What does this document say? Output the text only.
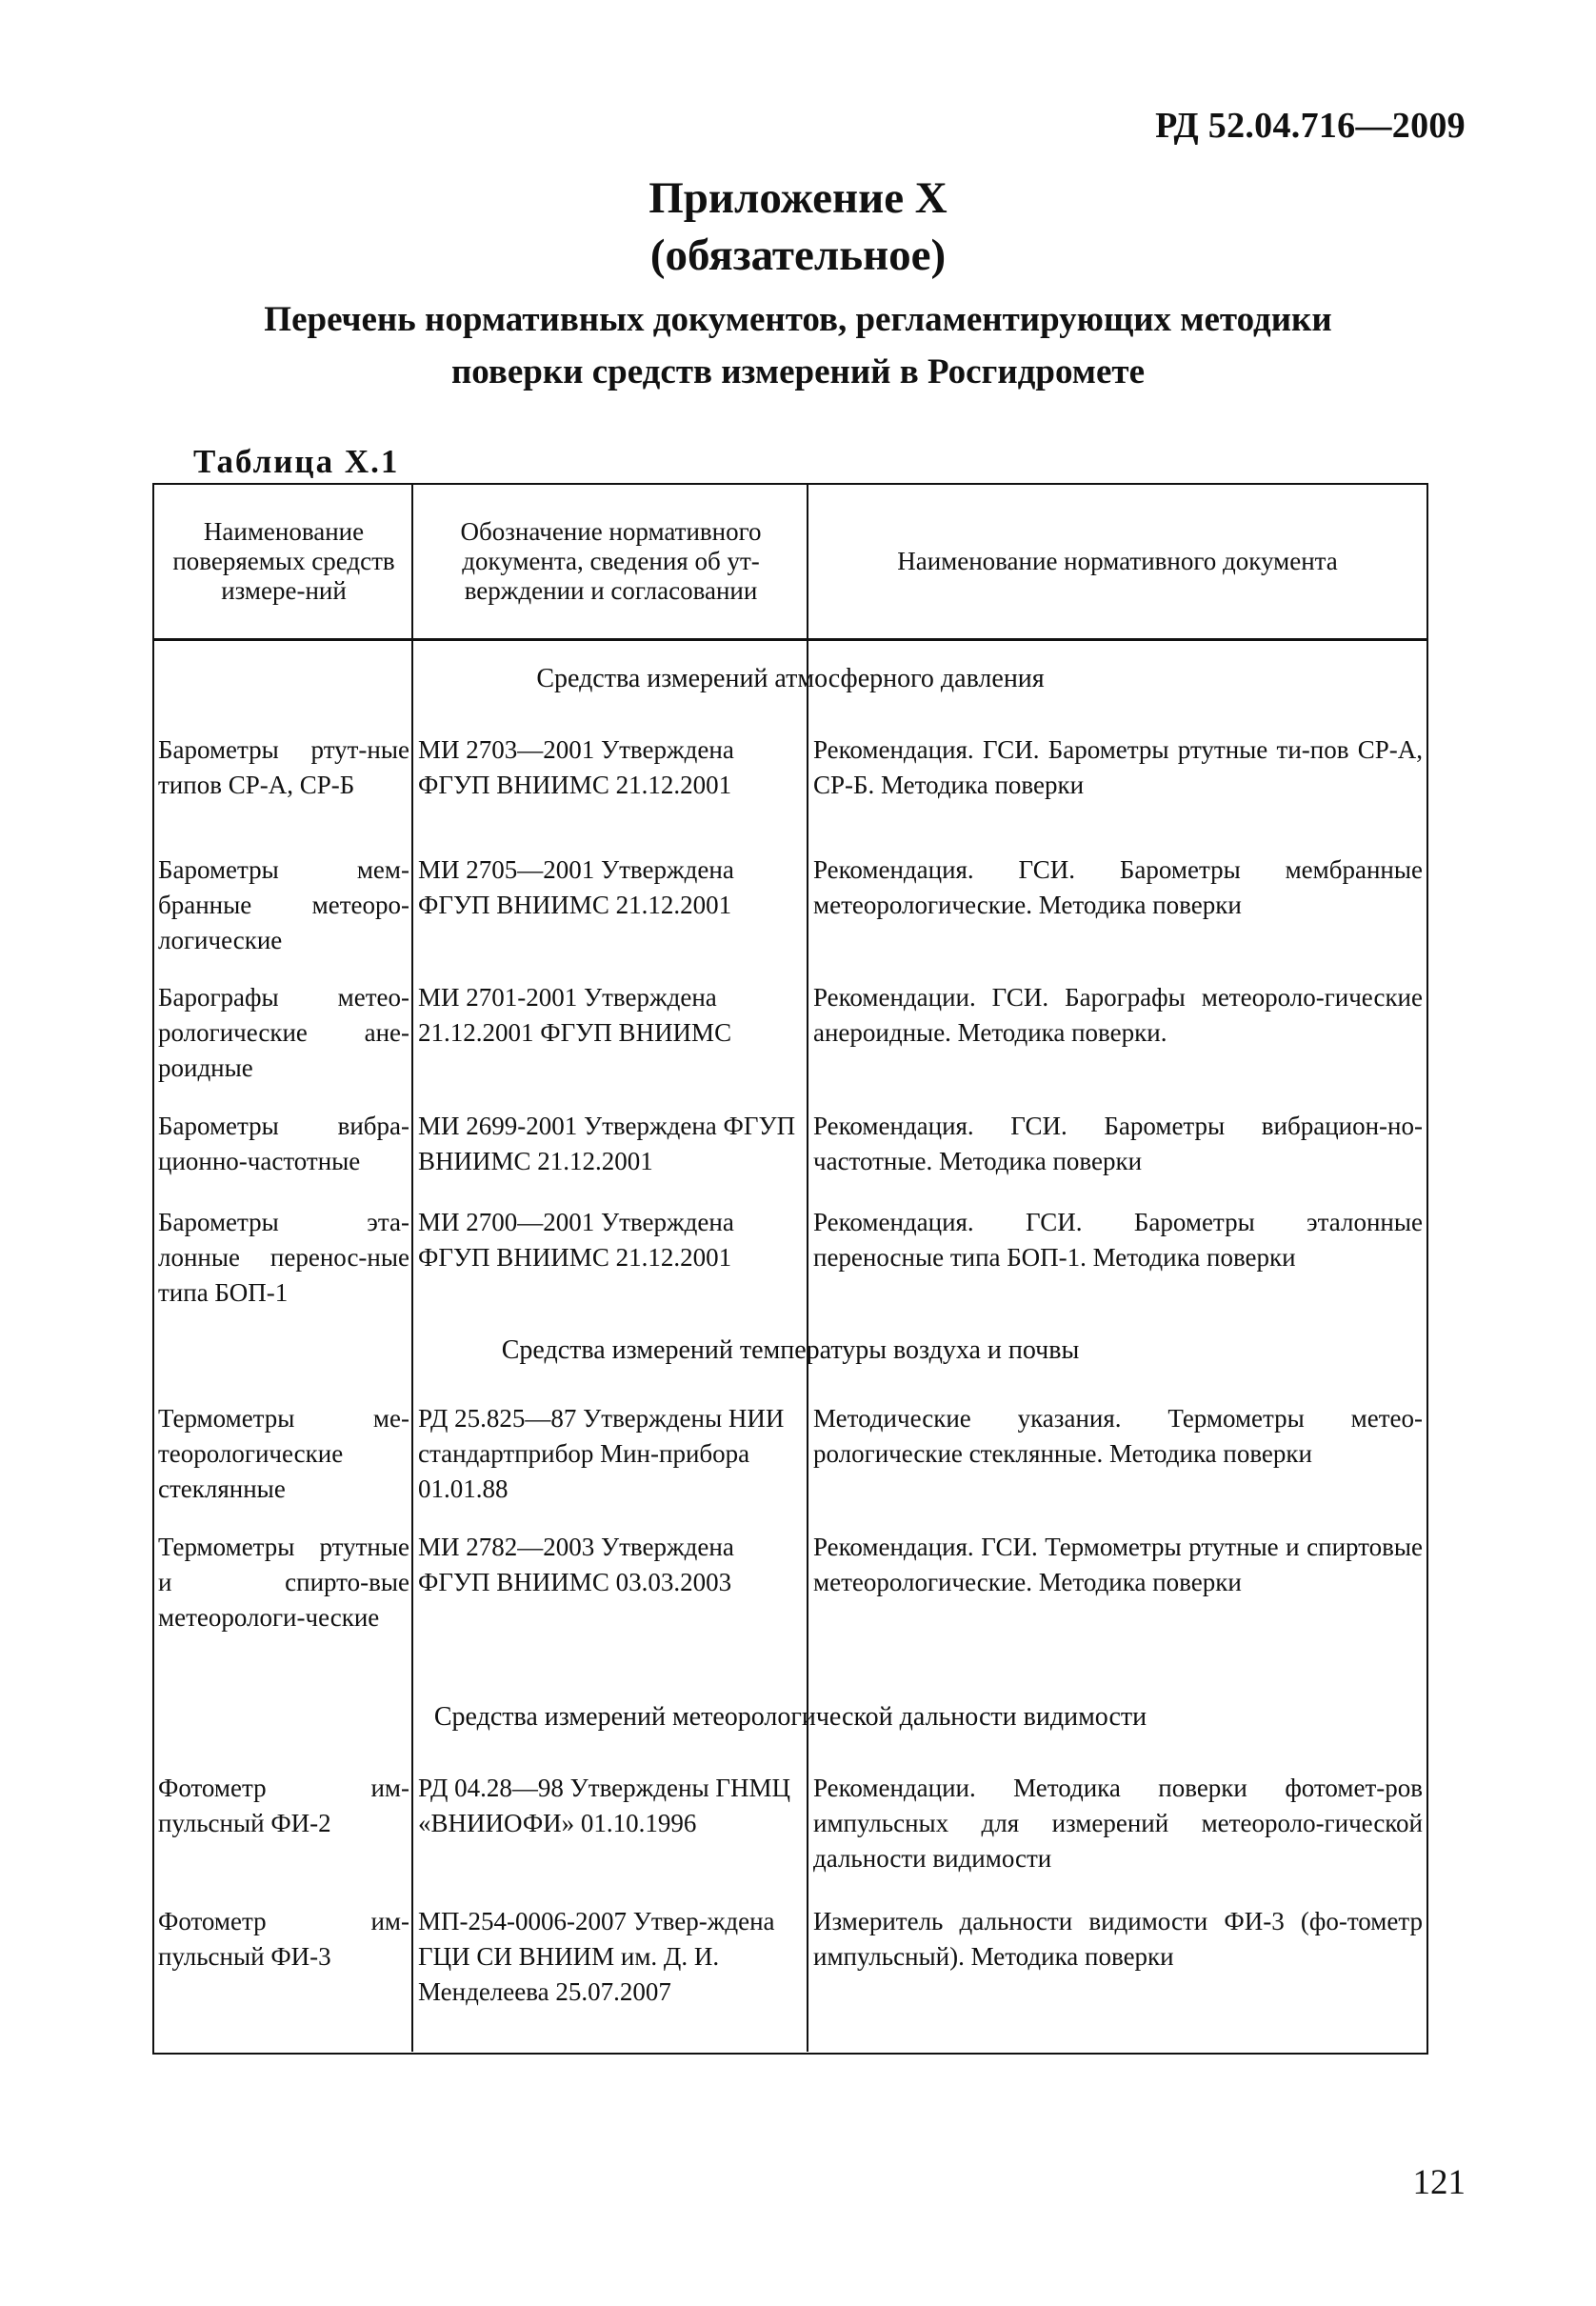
РД 52.04.716—2009
Приложение Х
(обязательное)
Перечень нормативных документов, регламентирующих методики
поверки средств измерений в Росгидромете
Таблица Х.1
Наименование поверяемых средств измере-ний
Обозначение нормативного документа, сведения об ут-верждении и согласовании
Наименование нормативного документа
Средства измерений атмосферного давления
Барометры ртут-ные типов СР-А, СР-Б
МИ 2703—2001 Утверждена ФГУП ВНИИМС 21.12.2001
Рекомендация. ГСИ. Барометры ртутные ти-пов СР-А, СР-Б. Методика поверки
Барометры мем-бранные метеоро-логические
МИ 2705—2001 Утверждена ФГУП ВНИИМС 21.12.2001
Рекомендация. ГСИ. Барометры мембранные метеорологические. Методика поверки
Барографы метео-рологические ане-роидные
МИ 2701-2001 Утверждена 21.12.2001 ФГУП ВНИИМС
Рекомендации. ГСИ. Барографы метеороло-гические анероидные. Методика поверки.
Барометры вибра-ционно-частотные
МИ 2699-2001 Утверждена ФГУП ВНИИМС 21.12.2001
Рекомендация. ГСИ. Барометры вибрацион-но-частотные. Методика поверки
Барометры эта-лонные перенос-ные типа БОП-1
МИ 2700—2001 Утверждена ФГУП ВНИИМС 21.12.2001
Рекомендация. ГСИ. Барометры эталонные переносные типа БОП-1. Методика поверки
Средства измерений температуры воздуха и почвы
Термометры ме-теорологические стеклянные
РД 25.825—87 Утверждены НИИ стандартприбор Мин-прибора 01.01.88
Методические указания. Термометры метео-рологические стеклянные. Методика поверки
Термометры ртутные и спирто-вые метеорологи-ческие
МИ 2782—2003 Утверждена ФГУП ВНИИМС 03.03.2003
Рекомендация. ГСИ. Термометры ртутные и спиртовые метеорологические. Методика поверки
Средства измерений метеорологической дальности видимости
Фотометр им-пульсный ФИ-2
РД 04.28—98 Утверждены ГНМЦ «ВНИИОФИ» 01.10.1996
Рекомендации. Методика поверки фотомет-ров импульсных для измерений метеороло-гической дальности видимости
Фотометр им-пульсный ФИ-3
МП-254-0006-2007 Утвер-ждена ГЦИ СИ ВНИИМ им. Д. И. Менделеева 25.07.2007
Измеритель дальности видимости ФИ-3 (фо-тометр импульсный). Методика поверки
121
